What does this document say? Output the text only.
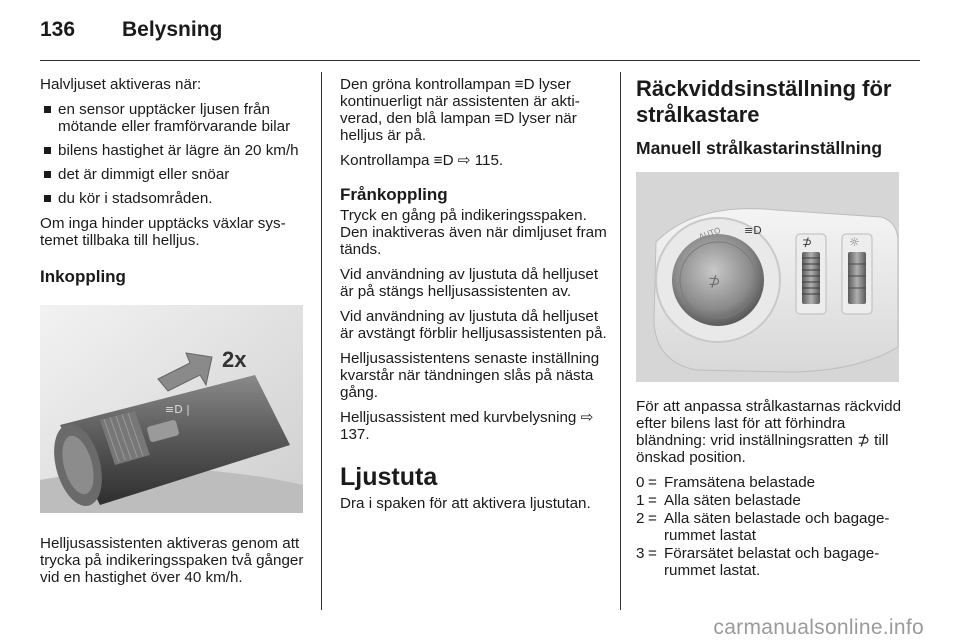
136 Belysning

Halvljuset aktiveras när:

en sensor upptäcker ljusen från mötande eller framförvarande bilar
bilens hastighet är lägre än 20 km/h
det är dimmigt eller snöar
du kör i stadsområden.

Om inga hinder upptäcks växlar systemet tillbaka till helljus.

Inkoppling
≡D |
2x

Helljusassistenten aktiveras genom att trycka på indikeringsspaken två gånger vid en hastighet över 40 km/h.

Den gröna kontrollampan ≡D lyser kontinuerligt när assistenten är aktiverad, den blå lampan ≡D lyser när helljus är på.

Kontrollampa ≡D ⇨ 115.

Frånkoppling

Tryck en gång på indikeringsspaken. Den inaktiveras även när dimljuset fram tänds.

Vid användning av ljustuta då helljuset är på stängs helljusassistenten av.

Vid användning av ljustuta då helljuset är avstängt förblir helljusassistenten på.

Helljusassistentens senaste inställning kvarstår när tändningen slås på nästa gång.

Helljusassistent med kurvbelysning ⇨ 137.

Ljustuta

Dra i spaken för att aktivera ljustutan.

Räckviddsinställning för strålkastare
Manuell strålkastarinställning
AUTO ≡D
⊅
⊅	☼

För att anpassa strålkastarnas räckvidd efter bilens last för att förhindra bländning: vrid inställningsratten ⊅ till önskad position.

0 = Framsätena belastade
1 = Alla säten belastade
2 = Alla säten belastade och bagagerummet lastat
3 = Förarsätet belastat och bagagerummet lastat.
carmanualsonline.info
